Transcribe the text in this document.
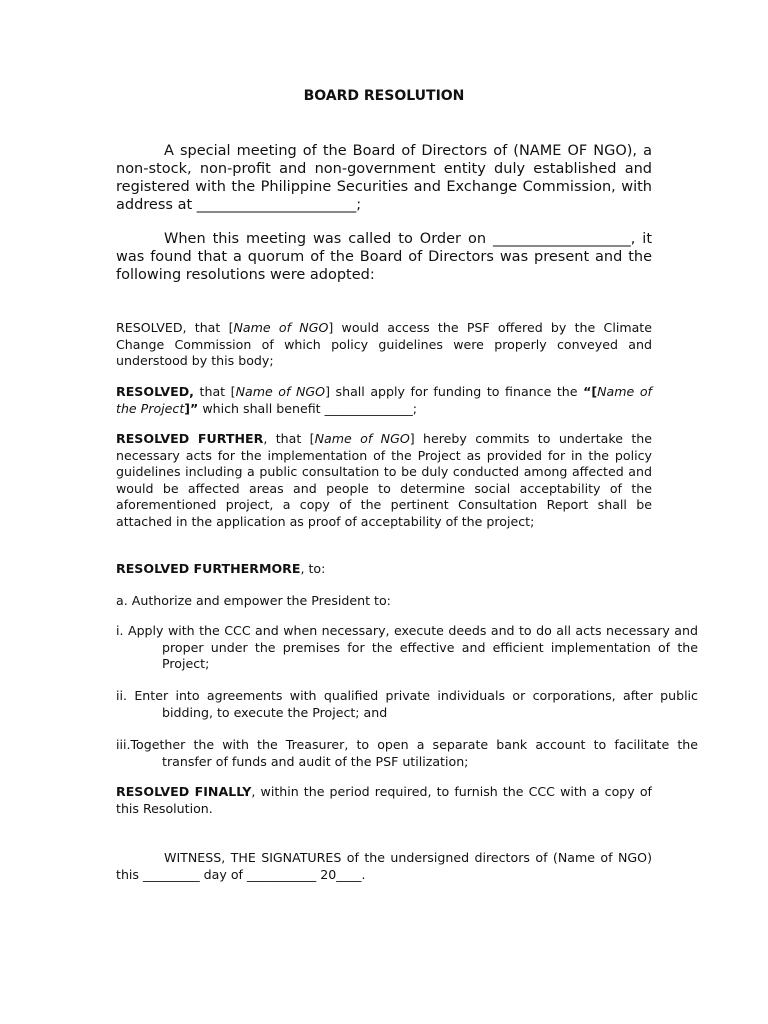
BOARD RESOLUTION
A special meeting of the Board of Directors of (NAME OF NGO), a non-stock, non-profit and non-government entity duly established and registered with the Philippine Securities and Exchange Commission, with address at ______________________;
When this meeting was called to Order on ___________________, it was found that a quorum of the Board of Directors was present and the following resolutions were adopted:
RESOLVED, that [Name of NGO] would access the PSF offered by the Climate Change Commission of which policy guidelines were properly conveyed and understood by this body;
RESOLVED, that [Name of NGO] shall apply for funding to finance the “[Name of the Project]” which shall benefit ______________;
RESOLVED FURTHER, that [Name of NGO] hereby commits to undertake the necessary acts for the implementation of the Project as provided for in the policy guidelines including a public consultation to be duly conducted among affected and would be affected areas and people to determine social acceptability of the aforementioned project, a copy of the pertinent Consultation Report shall be attached in the application as proof of acceptability of the project;
RESOLVED FURTHERMORE, to:
a. Authorize and empower the President to:
i. Apply with the CCC and when necessary, execute deeds and to do all acts necessary and proper under the premises for the effective and efficient implementation of the Project;
ii. Enter into agreements with qualified private individuals or corporations, after public bidding, to execute the Project; and
iii.Together the with the Treasurer, to open a separate bank account to facilitate the transfer of funds and audit of the PSF utilization;
RESOLVED FINALLY, within the period required, to furnish the CCC with a copy of this Resolution.
WITNESS, THE SIGNATURES of the undersigned directors of (Name of NGO) this _________ day of ___________ 20____.
